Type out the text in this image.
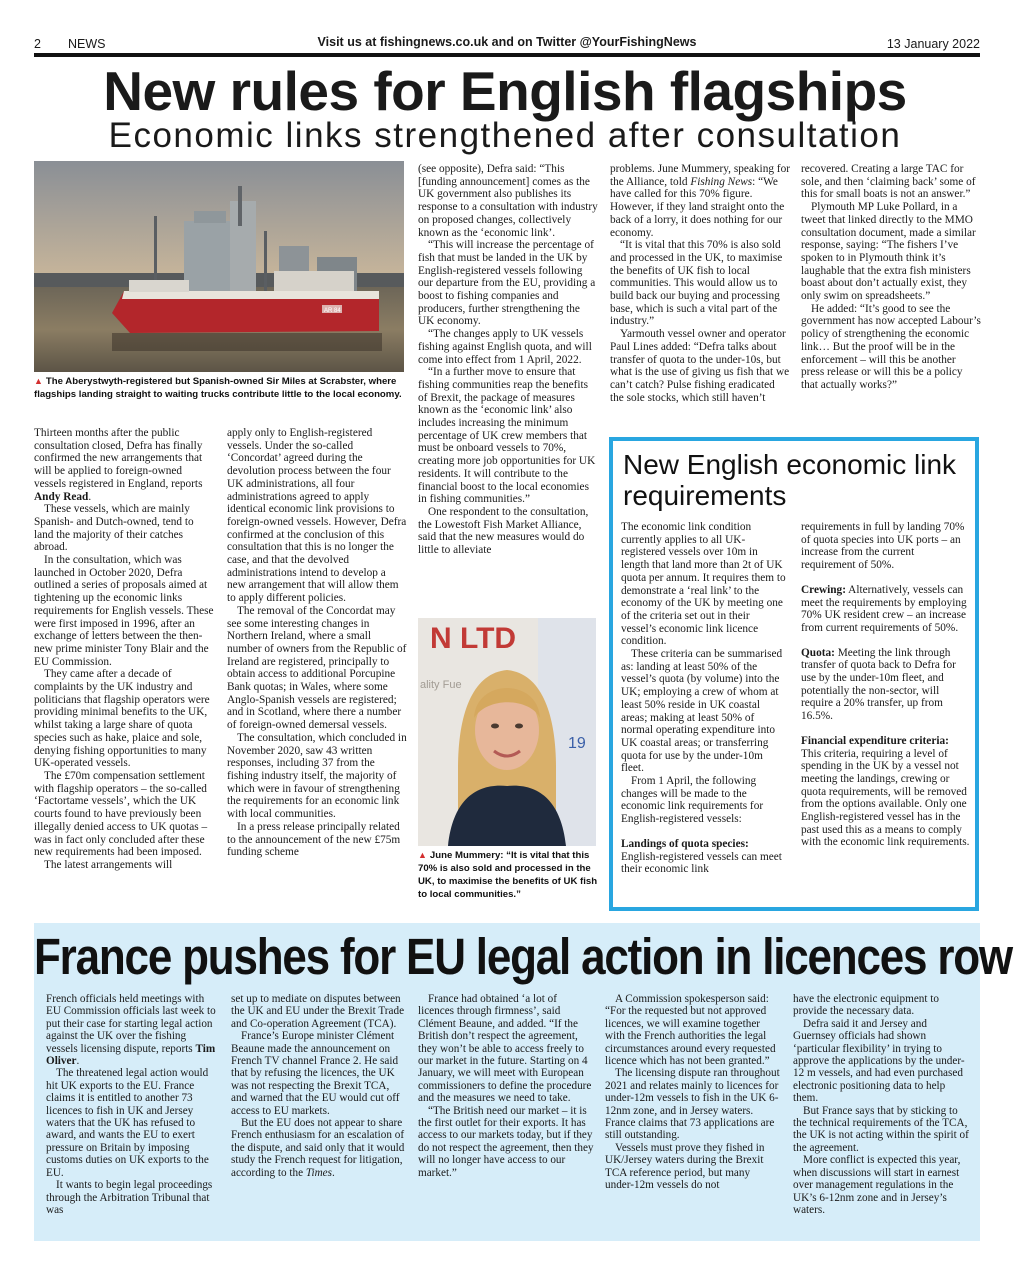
2 NEWS	Visit us at fishingnews.co.uk and on Twitter @YourFishingNews	13 January 2022
New rules for English flagships
Economic links strengthened after consultation
AR 84
▲ The Aberystwyth-registered but Spanish-owned Sir Miles at Scrabster, where flagships landing straight to waiting trucks contribute little to the local economy.

Thirteen months after the public consultation closed, Defra has finally confirmed the new arrangements that will be applied to foreign-owned vessels registered in England, reports Andy Read.

These vessels, which are mainly Spanish- and Dutch-owned, tend to land the majority of their catches abroad.

In the consultation, which was launched in October 2020, Defra outlined a series of proposals aimed at tightening up the economic links requirements for English vessels. These were first imposed in 1996, after an exchange of letters between the then-new prime minister Tony Blair and the EU Commission.

They came after a decade of complaints by the UK industry and politicians that flagship operators were providing minimal benefits to the UK, whilst taking a large share of quota species such as hake, plaice and sole, denying fishing opportunities to many UK-operated vessels.

The £70m compensation settlement with flagship operators – the so-called ‘Factortame vessels’, which the UK courts found to have previously been illegally denied access to UK quotas – was in fact only concluded after these new requirements had been imposed.

The latest arrangements will

apply only to English-registered vessels. Under the so-called ‘Concordat’ agreed during the devolution process between the four UK administrations, all four administrations agreed to apply identical economic link provisions to foreign-owned vessels. However, Defra confirmed at the conclusion of this consultation that this is no longer the case, and that the devolved administrations intend to develop a new arrangement that will allow them to apply different policies.

The removal of the Concordat may see some interesting changes in Northern Ireland, where a small number of owners from the Republic of Ireland are registered, principally to obtain access to additional Porcupine Bank quotas; in Wales, where some Anglo-Spanish vessels are registered; and in Scotland, where there a number of foreign-owned demersal vessels.

The consultation, which concluded in November 2020, saw 43 written responses, including 37 from the fishing industry itself, the majority of which were in favour of strengthening the requirements for an economic link with local communities.

In a press release principally related to the announcement of the new £75m funding scheme

(see opposite), Defra said: “This [funding announcement] comes as the UK government also publishes its response to a consultation with industry on proposed changes, collectively known as the ‘economic link’.

“This will increase the percentage of fish that must be landed in the UK by English-registered vessels following our departure from the EU, providing a boost to fishing companies and producers, further strengthening the UK economy.

“The changes apply to UK vessels fishing against English quota, and will come into effect from 1 April, 2022.

“In a further move to ensure that fishing communities reap the benefits of Brexit, the package of measures known as the ‘economic link’ also includes increasing the minimum percentage of UK crew members that must be onboard vessels to 70%, creating more job opportunities for UK residents. It will contribute to the financial boost to the local economies in fishing communities.”

One respondent to the consultation, the Lowestoft Fish Market Alliance, said that the new measures would do little to alleviate

N LTD
ality Fue
19
▲ June Mummery: “It is vital that this 70% is also sold and processed in the UK, to maximise the benefits of UK fish to local communities.”

problems. June Mummery, speaking for the Alliance, told Fishing News: “We have called for this 70% figure. However, if they land straight onto the back of a lorry, it does nothing for our economy.

“It is vital that this 70% is also sold and processed in the UK, to maximise the benefits of UK fish to local communities. This would allow us to build back our buying and processing base, which is such a vital part of the industry.”

Yarmouth vessel owner and operator Paul Lines added: “Defra talks about transfer of quota to the under-10s, but what is the use of giving us fish that we can’t catch? Pulse fishing eradicated the sole stocks, which still haven’t

recovered. Creating a large TAC for sole, and then ‘claiming back’ some of this for small boats is not an answer.”

Plymouth MP Luke Pollard, in a tweet that linked directly to the MMO consultation document, made a similar response, saying: “The fishers I’ve spoken to in Plymouth think it’s laughable that the extra fish ministers boast about don’t actually exist, they only swim on spreadsheets.”

He added: “It’s good to see the government has now accepted Labour’s policy of strengthening the economic link… But the proof will be in the enforcement – will this be another press release or will this be a policy that actually works?”

New English economic link requirements

The economic link condition currently applies to all UK-registered vessels over 10m in length that land more than 2t of UK quota per annum. It requires them to demonstrate a ‘real link’ to the economy of the UK by meeting one of the criteria set out in their vessel’s economic link licence condition.

These criteria can be summarised as: landing at least 50% of the vessel’s quota (by volume) into the UK; employing a crew of whom at least 50% reside in UK coastal areas; making at least 50% of normal operating expenditure into UK coastal areas; or transferring quota for use by the under-10m fleet.

From 1 April, the following changes will be made to the economic link requirements for English-registered vessels:

Landings of quota species:
English-registered vessels can meet their economic link

requirements in full by landing 70% of quota species into UK ports – an increase from the current requirement of 50%.

Crewing: Alternatively, vessels can meet the requirements by employing 70% UK resident crew – an increase from current requirements of 50%.

Quota: Meeting the link through transfer of quota back to Defra for use by the under-10m fleet, and potentially the non-sector, will require a 20% transfer, up from 16.5%.

Financial expenditure criteria:
This criteria, requiring a level of spending in the UK by a vessel not meeting the landings, crewing or quota requirements, will be removed from the options available. Only one English-registered vessel has in the past used this as a means to comply with the economic link requirements.

France pushes for EU legal action in licences row

French officials held meetings with EU Commission officials last week to put their case for starting legal action against the UK over the fishing vessels licensing dispute, reports Tim Oliver.

The threatened legal action would hit UK exports to the EU. France claims it is entitled to another 73 licences to fish in UK and Jersey waters that the UK has refused to award, and wants the EU to exert pressure on Britain by imposing customs duties on UK exports to the EU.

It wants to begin legal proceedings through the Arbitration Tribunal that was

set up to mediate on disputes between the UK and EU under the Brexit Trade and Co-operation Agreement (TCA).

France’s Europe minister Clément Beaune made the announcement on French TV channel France 2. He said that by refusing the licences, the UK was not respecting the Brexit TCA, and warned that the EU would cut off access to EU markets.

But the EU does not appear to share French enthusiasm for an escalation of the dispute, and said only that it would study the French request for litigation, according to the Times.

France had obtained ‘a lot of licences through firmness’, said Clément Beaune, and added. “If the British don’t respect the agreement, they won’t be able to access freely to our market in the future. Starting on 4 January, we will meet with European commissioners to define the procedure and the measures we need to take.

“The British need our market – it is the first outlet for their exports. It has access to our markets today, but if they do not respect the agreement, then they will no longer have access to our market.”

A Commission spokesperson said: “For the requested but not approved licences, we will examine together with the French authorities the legal circumstances around every requested licence which has not been granted.”

The licensing dispute ran throughout 2021 and relates mainly to licences for under-12m vessels to fish in the UK 6-12nm zone, and in Jersey waters. France claims that 73 applications are still outstanding.

Vessels must prove they fished in UK/Jersey waters during the Brexit TCA reference period, but many under-12m vessels do not

have the electronic equipment to provide the necessary data.

Defra said it and Jersey and Guernsey officials had shown ‘particular flexibility’ in trying to approve the applications by the under-12 m vessels, and had even purchased electronic positioning data to help them.

But France says that by sticking to the technical requirements of the TCA, the UK is not acting within the spirit of the agreement.

More conflict is expected this year, when discussions will start in earnest over management regulations in the UK’s 6-12nm zone and in Jersey’s waters.
